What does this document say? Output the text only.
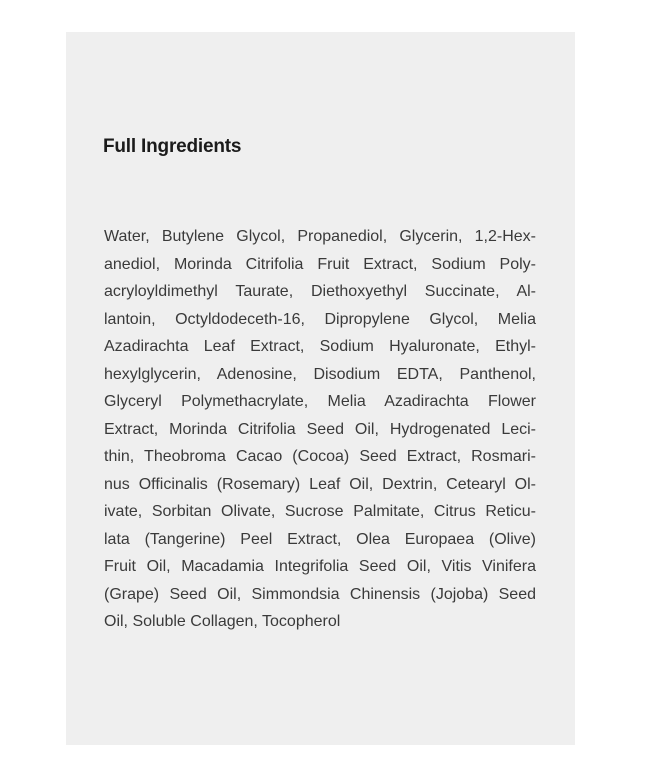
Full Ingredients
Water, Butylene Glycol, Propanediol, Glycerin, 1,2-Hex-
anediol, Morinda Citrifolia Fruit Extract, Sodium Poly-
acryloyldimethyl Taurate, Diethoxyethyl Succinate, Al-
lantoin, Octyldodeceth-16, Dipropylene Glycol, Melia
Azadirachta Leaf Extract, Sodium Hyaluronate, Ethyl-
hexylglycerin, Adenosine, Disodium EDTA, Panthenol,
Glyceryl Polymethacrylate, Melia Azadirachta Flower
Extract, Morinda Citrifolia Seed Oil, Hydrogenated Leci-
thin, Theobroma Cacao (Cocoa) Seed Extract, Rosmari-
nus Officinalis (Rosemary) Leaf Oil, Dextrin, Cetearyl Ol-
ivate, Sorbitan Olivate, Sucrose Palmitate, Citrus Reticu-
lata (Tangerine) Peel Extract, Olea Europaea (Olive)
Fruit Oil, Macadamia Integrifolia Seed Oil, Vitis Vinifera
(Grape) Seed Oil, Simmondsia Chinensis (Jojoba) Seed
Oil, Soluble Collagen, Tocopherol
